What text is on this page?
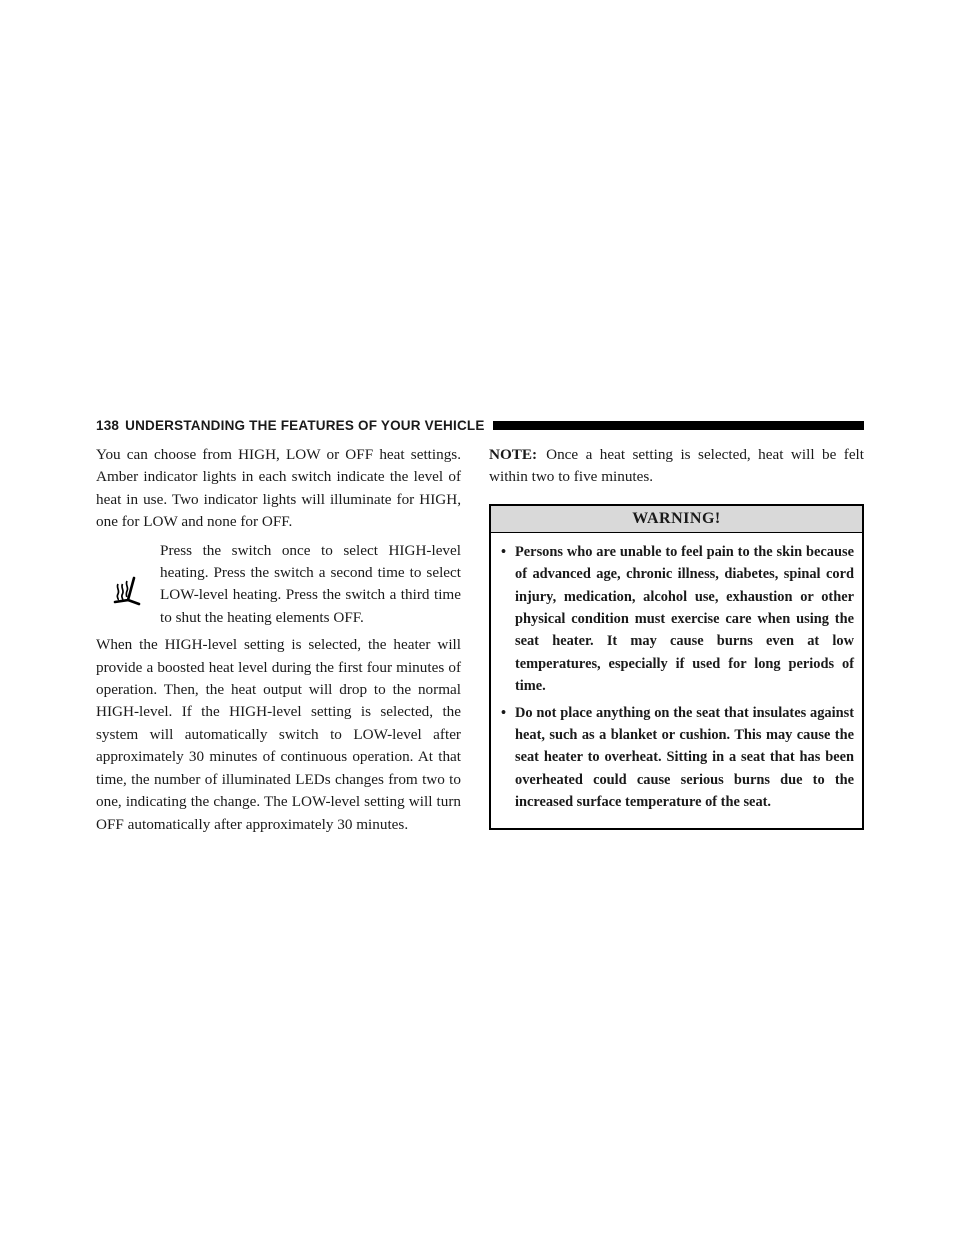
138 UNDERSTANDING THE FEATURES OF YOUR VEHICLE

You can choose from HIGH, LOW or OFF heat settings. Amber indicator lights in each switch indicate the level of heat in use. Two indicator lights will illuminate for HIGH, one for LOW and none for OFF.

Press the switch once to select HIGH-level heating. Press the switch a second time to select LOW-level heating. Press the switch a third time to shut the heating elements OFF.

When the HIGH-level setting is selected, the heater will provide a boosted heat level during the first four minutes of operation. Then, the heat output will drop to the normal HIGH-level. If the HIGH-level setting is selected, the system will automatically switch to LOW-level after approximately 30 minutes of continuous operation. At that time, the number of illuminated LEDs changes from two to one, indicating the change. The LOW-level setting will turn OFF automatically after approximately 30 minutes.

NOTE: Once a heat setting is selected, heat will be felt within two to five minutes.

WARNING!
• Persons who are unable to feel pain to the skin because of advanced age, chronic illness, diabetes, spinal cord injury, medication, alcohol use, exhaustion or other physical condition must exercise care when using the seat heater. It may cause burns even at low temperatures, especially if used for long periods of time.
• Do not place anything on the seat that insulates against heat, such as a blanket or cushion. This may cause the seat heater to overheat. Sitting in a seat that has been overheated could cause serious burns due to the increased surface temperature of the seat.
